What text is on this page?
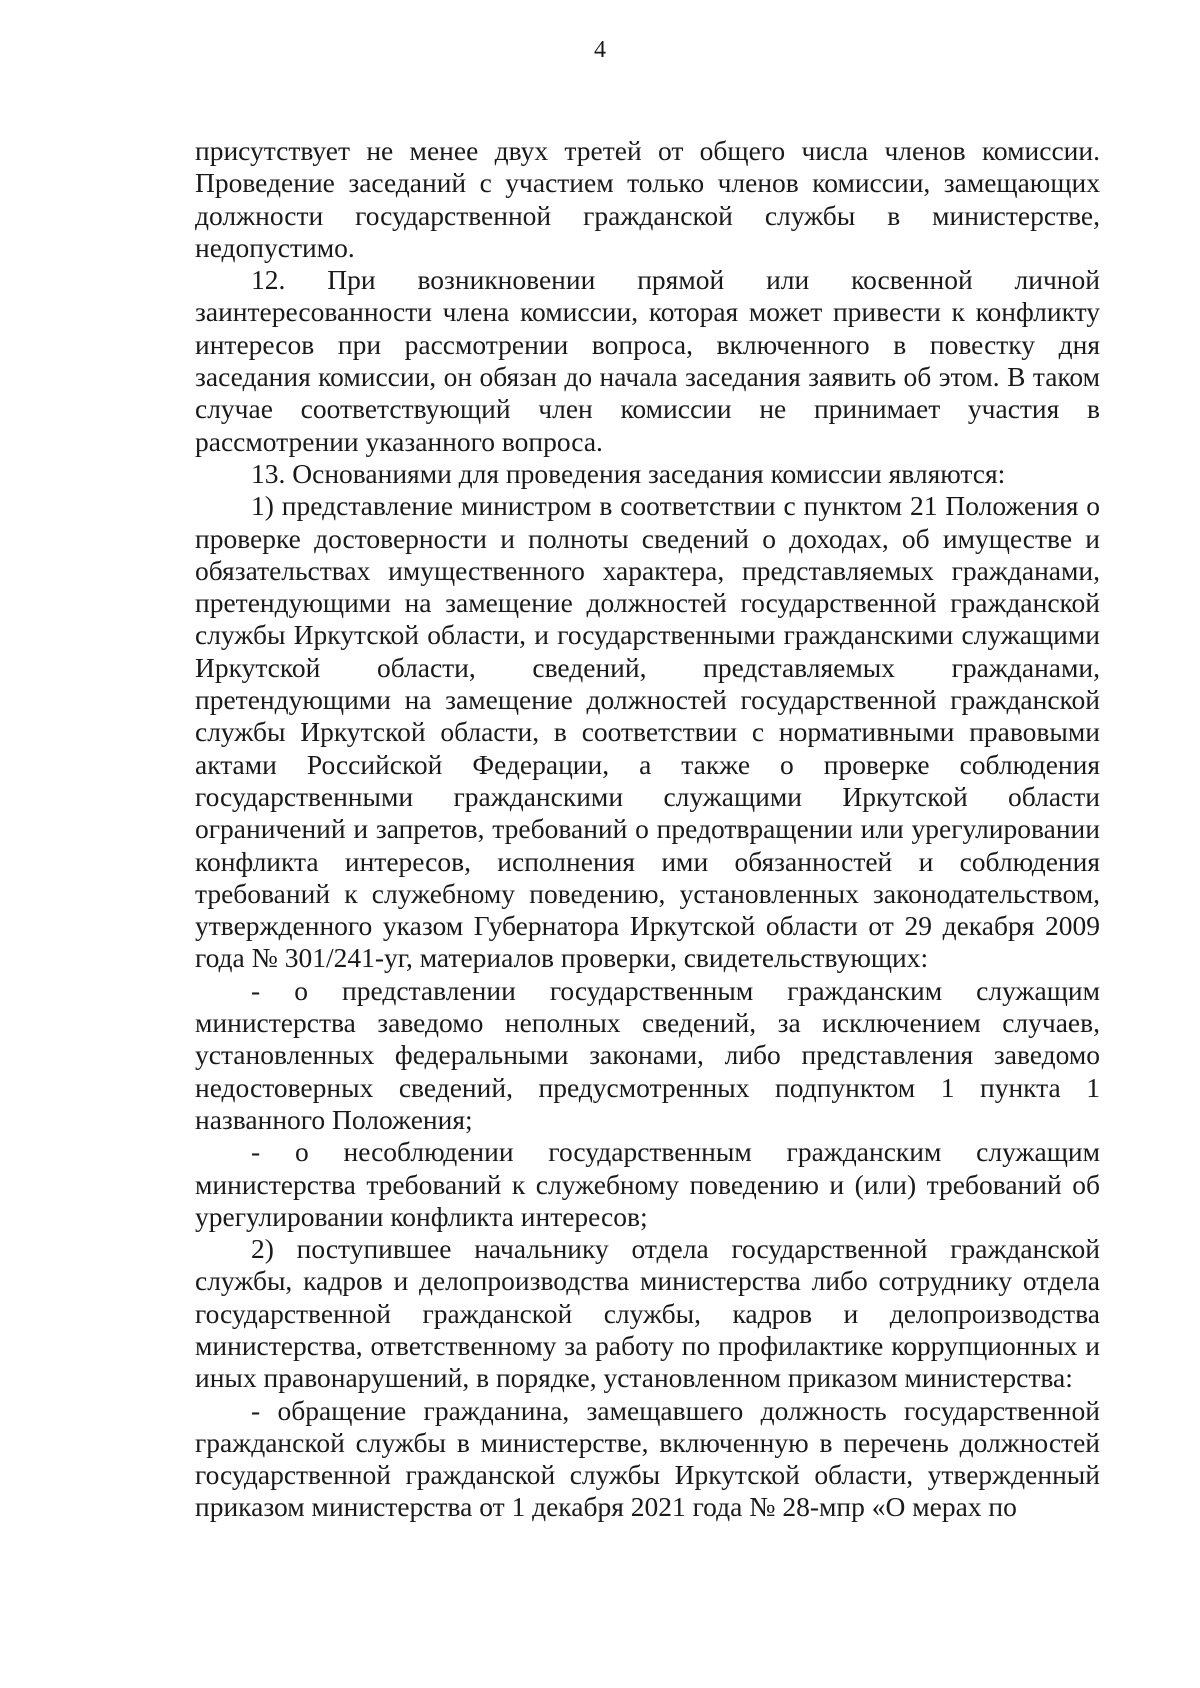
4

присутствует не менее двух третей от общего числа членов комиссии. Проведение заседаний с участием только членов комиссии, замещающих должности государственной гражданской службы в министерстве, недопустимо.

12. При возникновении прямой или косвенной личной заинтересованности члена комиссии, которая может привести к конфликту интересов при рассмотрении вопроса, включенного в повестку дня заседания комиссии, он обязан до начала заседания заявить об этом. В таком случае соответствующий член комиссии не принимает участия в рассмотрении указанного вопроса.

13. Основаниями для проведения заседания комиссии являются:

1) представление министром в соответствии с пунктом 21 Положения о проверке достоверности и полноты сведений о доходах, об имуществе и обязательствах имущественного характера, представляемых гражданами, претендующими на замещение должностей государственной гражданской службы Иркутской области, и государственными гражданскими служащими Иркутской области, сведений, представляемых гражданами, претендующими на замещение должностей государственной гражданской службы Иркутской области, в соответствии с нормативными правовыми актами Российской Федерации, а также о проверке соблюдения государственными гражданскими служащими Иркутской области ограничений и запретов, требований о предотвращении или урегулировании конфликта интересов, исполнения ими обязанностей и соблюдения требований к служебному поведению, установленных законодательством, утвержденного указом Губернатора Иркутской области от 29 декабря 2009 года № 301/241-уг, материалов проверки, свидетельствующих:

- о представлении государственным гражданским служащим министерства заведомо неполных сведений, за исключением случаев, установленных федеральными законами, либо представления заведомо недостоверных сведений, предусмотренных подпунктом 1 пункта 1 названного Положения;

- о несоблюдении государственным гражданским служащим министерства требований к служебному поведению и (или) требований об урегулировании конфликта интересов;

2) поступившее начальнику отдела государственной гражданской службы, кадров и делопроизводства министерства либо сотруднику отдела государственной гражданской службы, кадров и делопроизводства министерства, ответственному за работу по профилактике коррупционных и иных правонарушений, в порядке, установленном приказом министерства:

- обращение гражданина, замещавшего должность государственной гражданской службы в министерстве, включенную в перечень должностей государственной гражданской службы Иркутской области, утвержденный приказом министерства от 1 декабря 2021 года № 28-мпр «О мерах по
